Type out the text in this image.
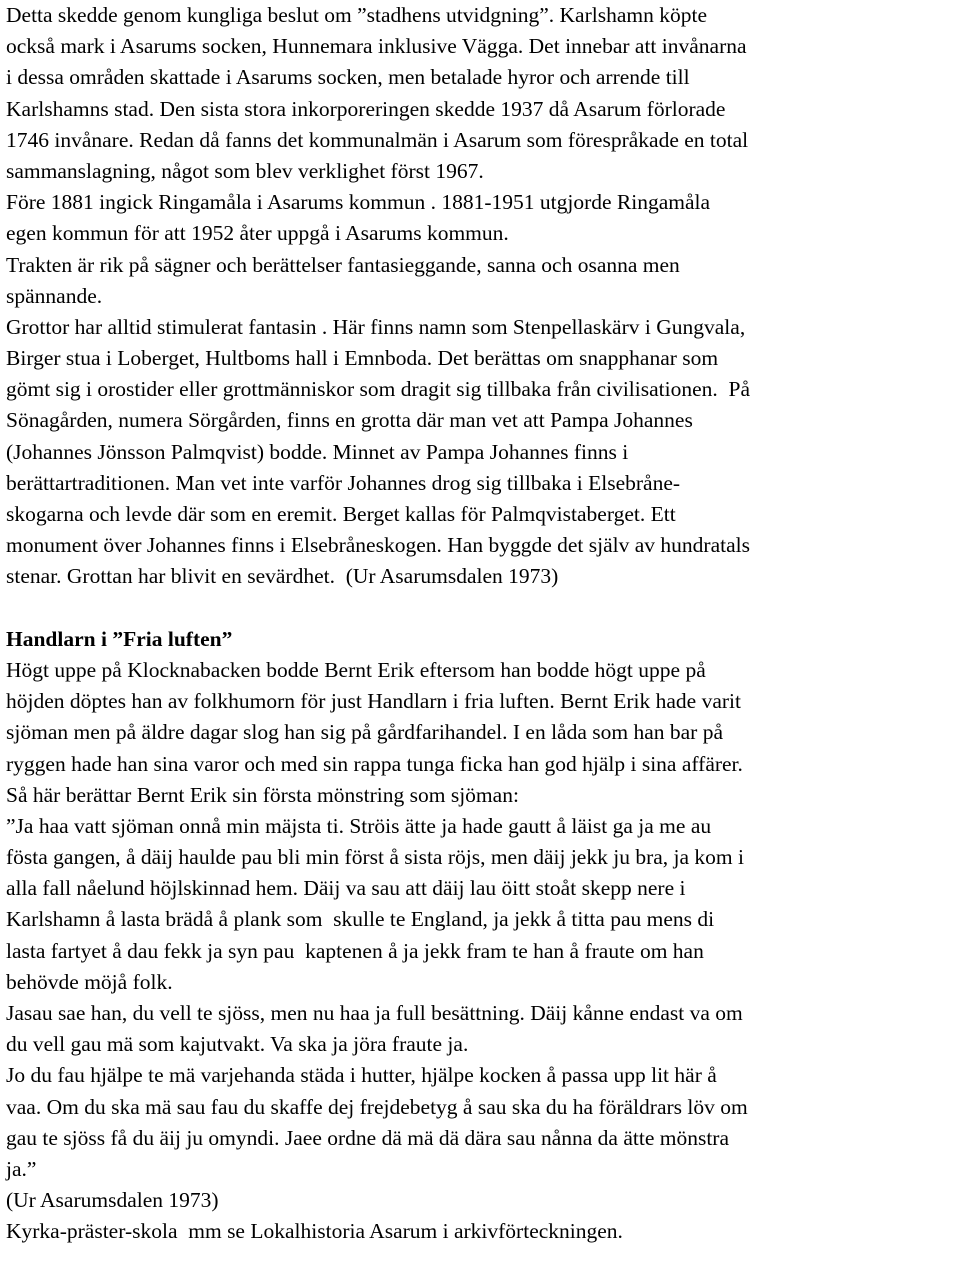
Detta skedde genom kungliga beslut om ”stadhens utvidgning”. Karlshamn köpte
också mark i Asarums socken, Hunnemara inklusive Vägga. Det innebar att invånarna
i dessa områden skattade i Asarums socken, men betalade hyror och arrende till
Karlshamns stad. Den sista stora inkorporeringen skedde 1937 då Asarum förlorade
1746 invånare. Redan då fanns det kommunalmän i Asarum som förespråkade en total
sammanslagning, något som blev verklighet först 1967.
Före 1881 ingick Ringamåla i Asarums kommun . 1881-1951 utgjorde Ringamåla
egen kommun för att 1952 åter uppgå i Asarums kommun.
Trakten är rik på sägner och berättelser fantasieggande, sanna och osanna men
spännande.
Grottor har alltid stimulerat fantasin . Här finns namn som Stenpellaskärv i Gungvala,
Birger stua i Loberget, Hultboms hall i Emnboda. Det berättas om snapphanar som
gömt sig i orostider eller grottmänniskor som dragit sig tillbaka från civilisationen.  På
Sönagården, numera Sörgården, finns en grotta där man vet att Pampa Johannes
(Johannes Jönsson Palmqvist) bodde. Minnet av Pampa Johannes finns i
berättartraditionen. Man vet inte varför Johannes drog sig tillbaka i Elsebråne-
skogarna och levde där som en eremit. Berget kallas för Palmqvistaberget. Ett
monument över Johannes finns i Elsebråneskogen. Han byggde det själv av hundratals
stenar. Grottan har blivit en sevärdhet.  (Ur Asarumsdalen 1973)
Handlarn i ”Fria luften”
Högt uppe på Klocknabacken bodde Bernt Erik eftersom han bodde högt uppe på
höjden döptes han av folkhumorn för just Handlarn i fria luften. Bernt Erik hade varit
sjöman men på äldre dagar slog han sig på gårdfarihandel. I en låda som han bar på
ryggen hade han sina varor och med sin rappa tunga ficka han god hjälp i sina affärer.
Så här berättar Bernt Erik sin första mönstring som sjöman:
”Ja haa vatt sjöman onnå min mäjsta ti. Ströis ätte ja hade gautt å läist ga ja me au
fösta gangen, å däij haulde pau bli min först å sista röjs, men däij jekk ju bra, ja kom i
alla fall nåelund höjlskinnad hem. Däij va sau att däij lau öitt stoåt skepp nere i
Karlshamn å lasta brädå å plank som  skulle te England, ja jekk å titta pau mens di
lasta fartyet å dau fekk ja syn pau  kaptenen å ja jekk fram te han å fraute om han
behövde möjå folk.
Jasau sae han, du vell te sjöss, men nu haa ja full besättning. Däij kånne endast va om
du vell gau mä som kajutvakt. Va ska ja jöra fraute ja.
Jo du fau hjälpe te mä varjehanda städa i hutter, hjälpe kocken å passa upp lit här å
vaa. Om du ska mä sau fau du skaffe dej frejdebetyg å sau ska du ha föräldrars löv om
gau te sjöss få du äij ju omyndi. Jaee ordne dä mä dä dära sau nånna da ätte mönstra
ja.”
(Ur Asarumsdalen 1973)
Kyrka-präster-skola  mm se Lokalhistoria Asarum i arkivförteckningen.
